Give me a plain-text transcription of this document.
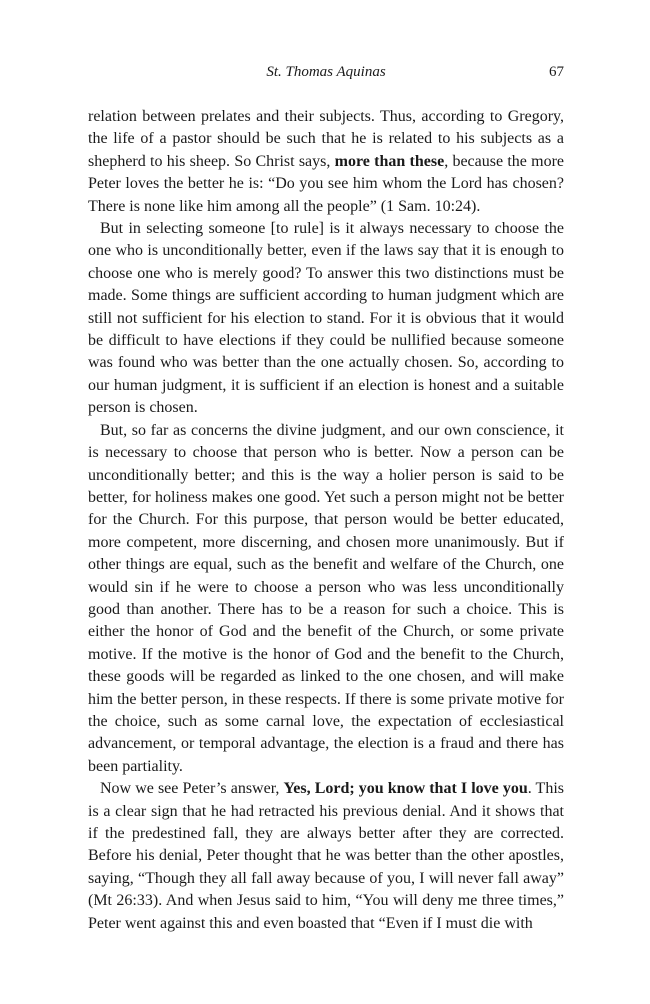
St. Thomas Aquinas	67

relation between prelates and their subjects. Thus, according to Gregory, the life of a pastor should be such that he is related to his subjects as a shepherd to his sheep. So Christ says, more than these, because the more Peter loves the better he is: “Do you see him whom the Lord has chosen? There is none like him among all the people” (1 Sam. 10:24).

But in selecting someone [to rule] is it always necessary to choose the one who is unconditionally better, even if the laws say that it is enough to choose one who is merely good? To answer this two distinctions must be made. Some things are sufficient according to human judgment which are still not sufficient for his election to stand. For it is obvious that it would be difficult to have elections if they could be nullified because someone was found who was better than the one actually chosen. So, according to our human judgment, it is sufficient if an election is honest and a suitable person is chosen.

But, so far as concerns the divine judgment, and our own conscience, it is necessary to choose that person who is better. Now a person can be unconditionally better; and this is the way a holier person is said to be better, for holiness makes one good. Yet such a person might not be better for the Church. For this purpose, that person would be better educated, more competent, more discerning, and chosen more unanimously. But if other things are equal, such as the benefit and welfare of the Church, one would sin if he were to choose a person who was less unconditionally good than another. There has to be a reason for such a choice. This is either the honor of God and the benefit of the Church, or some private motive. If the motive is the honor of God and the benefit to the Church, these goods will be regarded as linked to the one chosen, and will make him the better person, in these respects. If there is some private motive for the choice, such as some carnal love, the expectation of ecclesiastical advancement, or temporal advantage, the election is a fraud and there has been partiality.

Now we see Peter’s answer, Yes, Lord; you know that I love you. This is a clear sign that he had retracted his previous denial. And it shows that if the predestined fall, they are always better after they are corrected. Before his denial, Peter thought that he was better than the other apostles, saying, “Though they all fall away because of you, I will never fall away” (Mt 26:33). And when Jesus said to him, “You will deny me three times,” Peter went against this and even boasted that “Even if I must die with
